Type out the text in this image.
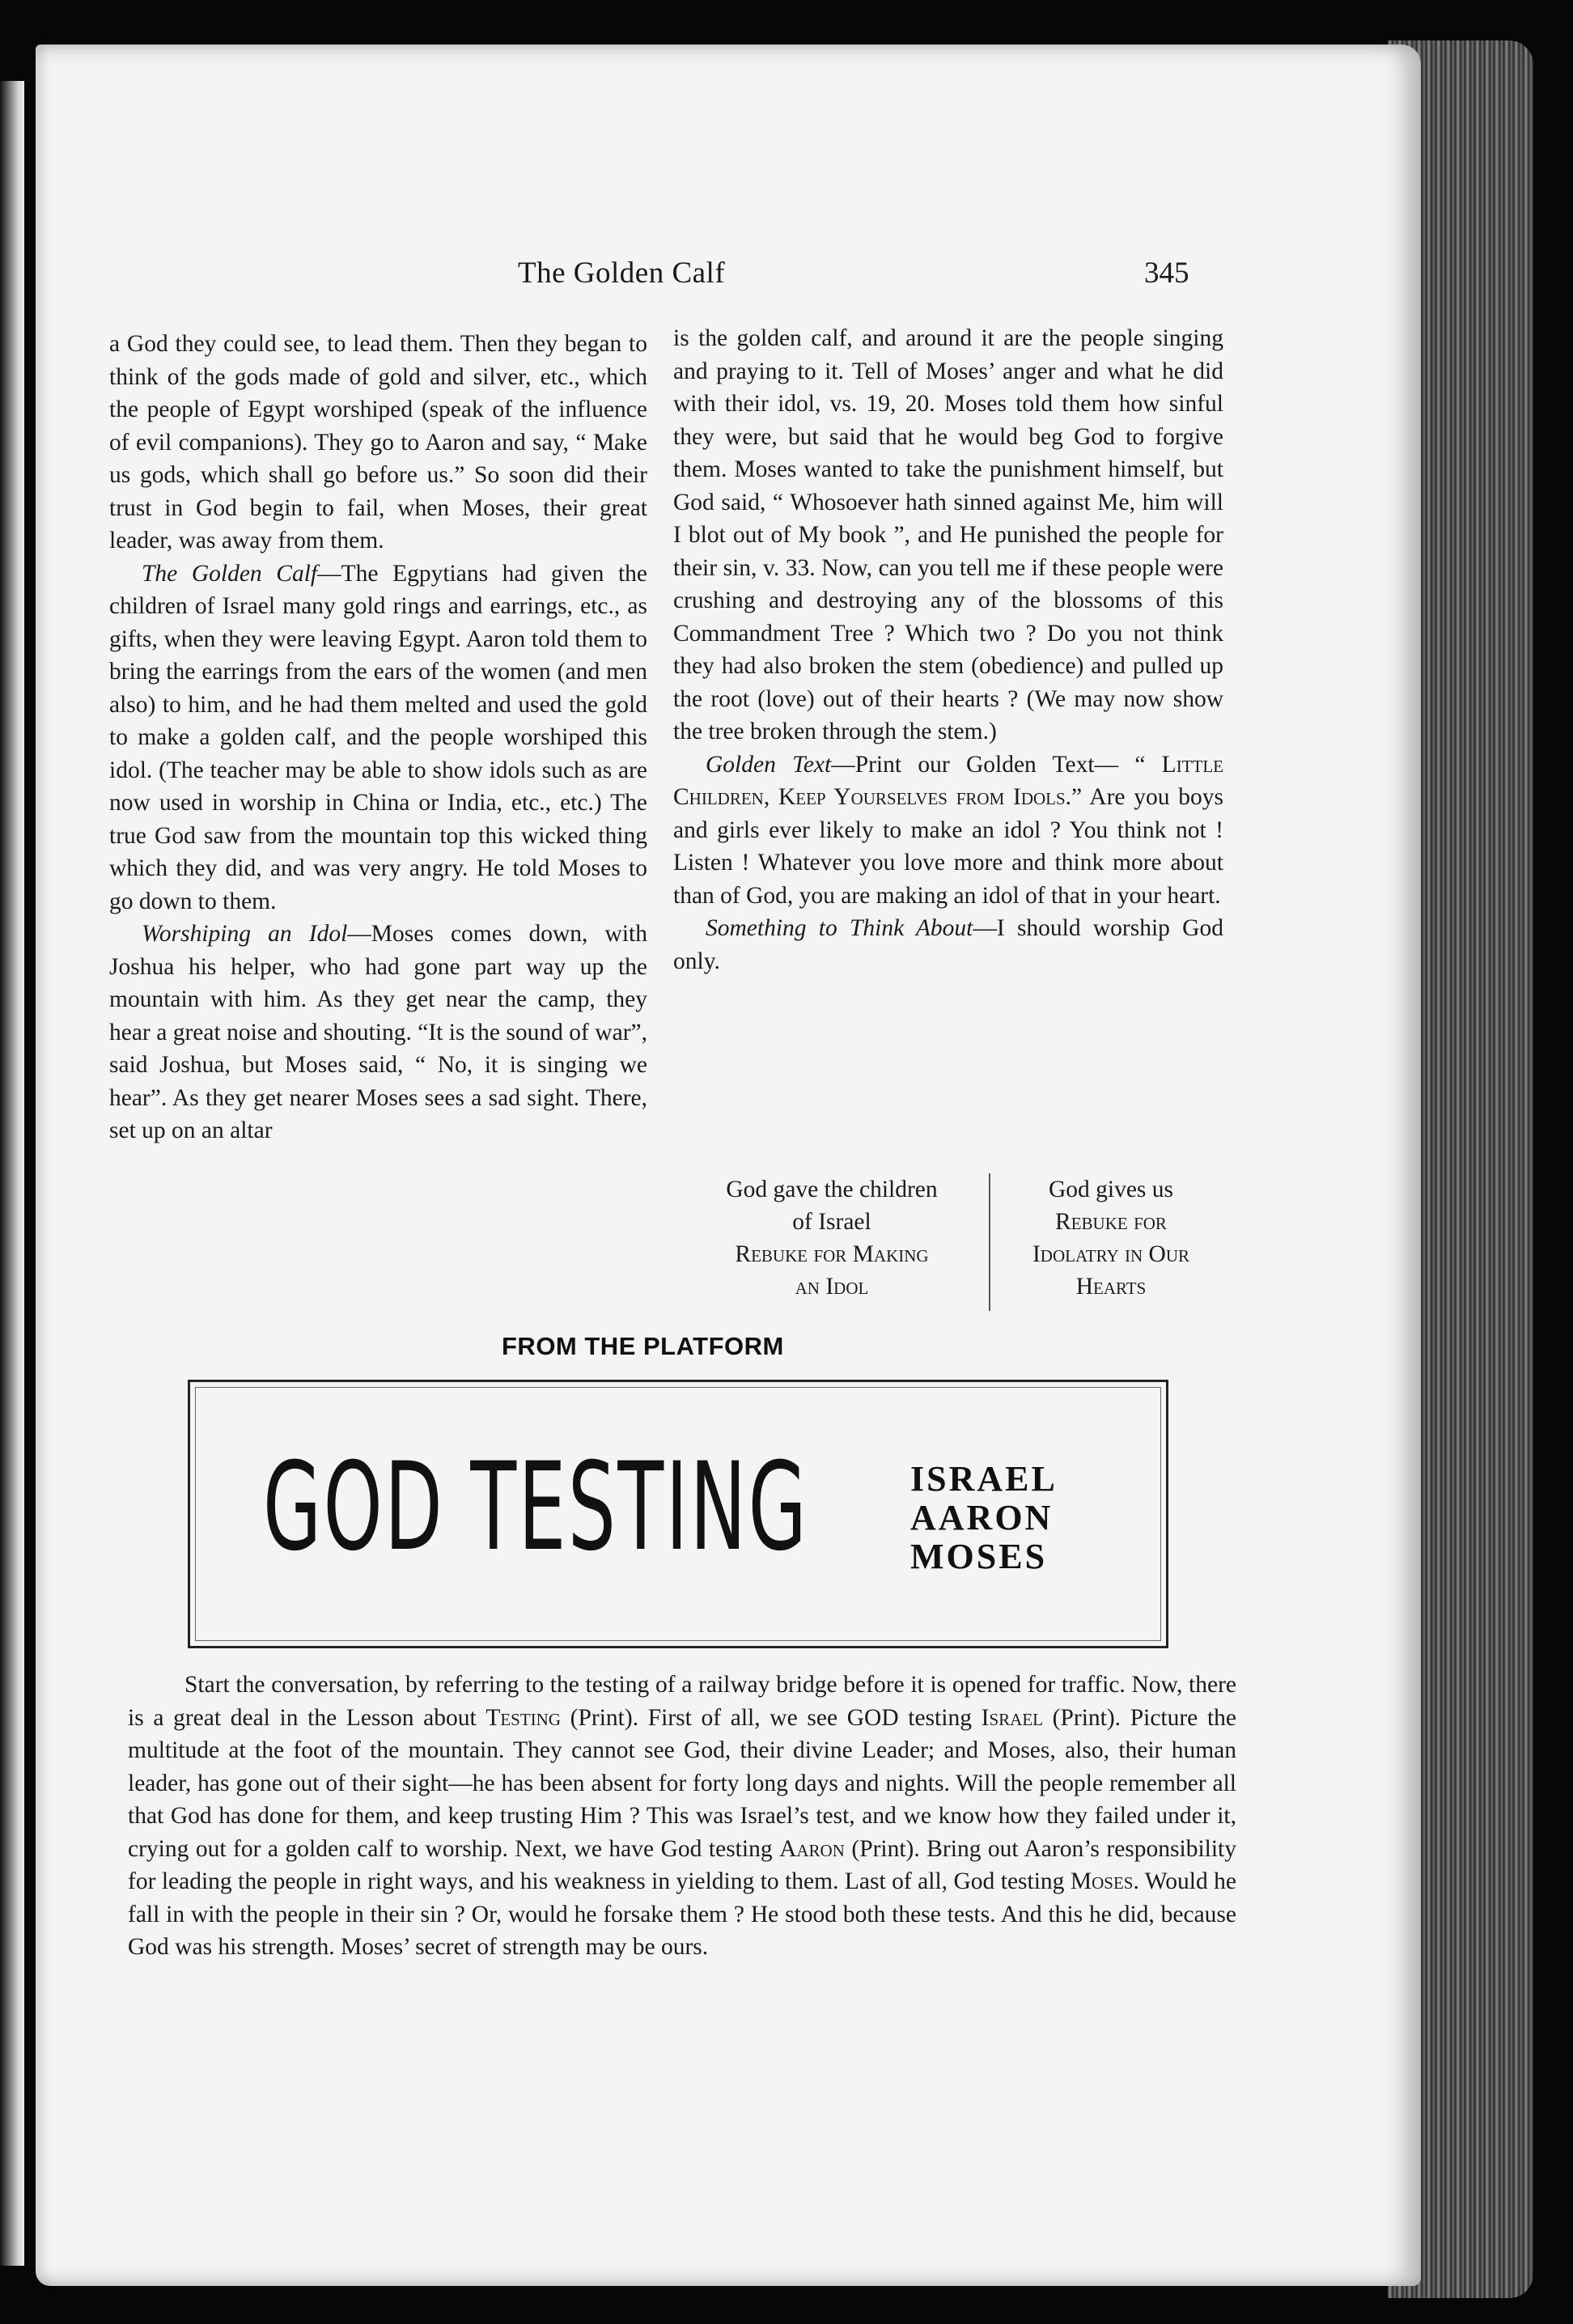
The Golden Calf	345

a God they could see, to lead them. Then they began to think of the gods made of gold and silver, etc., which the people of Egypt worshiped (speak of the influence of evil companions). They go to Aaron and say, “ Make us gods, which shall go before us.” So soon did their trust in God begin to fail, when Moses, their great leader, was away from them.

The Golden Calf—The Egpytians had given the children of Israel many gold rings and earrings, etc., as gifts, when they were leaving Egypt. Aaron told them to bring the earrings from the ears of the women (and men also) to him, and he had them melted and used the gold to make a golden calf, and the people worshiped this idol. (The teacher may be able to show idols such as are now used in worship in China or India, etc., etc.) The true God saw from the mountain top this wicked thing which they did, and was very angry. He told Moses to go down to them.

Worshiping an Idol—Moses comes down, with Joshua his helper, who had gone part way up the mountain with him. As they get near the camp, they hear a great noise and shouting. “It is the sound of war”, said Joshua, but Moses said, “ No, it is singing we hear”. As they get nearer Moses sees a sad sight. There, set up on an altar

is the golden calf, and around it are the people singing and praying to it. Tell of Moses’ anger and what he did with their idol, vs. 19, 20. Moses told them how sinful they were, but said that he would beg God to forgive them. Moses wanted to take the punishment himself, but God said, “ Whosoever hath sinned against Me, him will I blot out of My book ”, and He punished the people for their sin, v. 33. Now, can you tell me if these people were crushing and destroying any of the blossoms of this Commandment Tree ? Which two ? Do you not think they had also broken the stem (obedience) and pulled up the root (love) out of their hearts ? (We may now show the tree broken through the stem.)

Golden Text—Print our Golden Text— “ Little Children, Keep Yourselves from Idols.” Are you boys and girls ever likely to make an idol ? You think not ! Listen ! Whatever you love more and think more about than of God, you are making an idol of that in your heart.

Something to Think About—I should worship God only.

God gave the children
of Israel
Rebuke for Making
an Idol
God gives us
Rebuke for
Idolatry in Our
Hearts
FROM THE PLATFORM
GOD TESTING	ISRAEL
AARON
MOSES

Start the conversation, by referring to the testing of a railway bridge before it is opened for traffic. Now, there is a great deal in the Lesson about Testing (Print). First of all, we see GOD testing Israel (Print). Picture the multitude at the foot of the mountain. They cannot see God, their divine Leader; and Moses, also, their human leader, has gone out of their sight—he has been absent for forty long days and nights. Will the people remember all that God has done for them, and keep trusting Him ? This was Israel’s test, and we know how they failed under it, crying out for a golden calf to worship. Next, we have God testing Aaron (Print). Bring out Aaron’s responsibility for leading the people in right ways, and his weakness in yielding to them. Last of all, God testing Moses. Would he fall in with the people in their sin ? Or, would he forsake them ? He stood both these tests. And this he did, because God was his strength. Moses’ secret of strength may be ours.
